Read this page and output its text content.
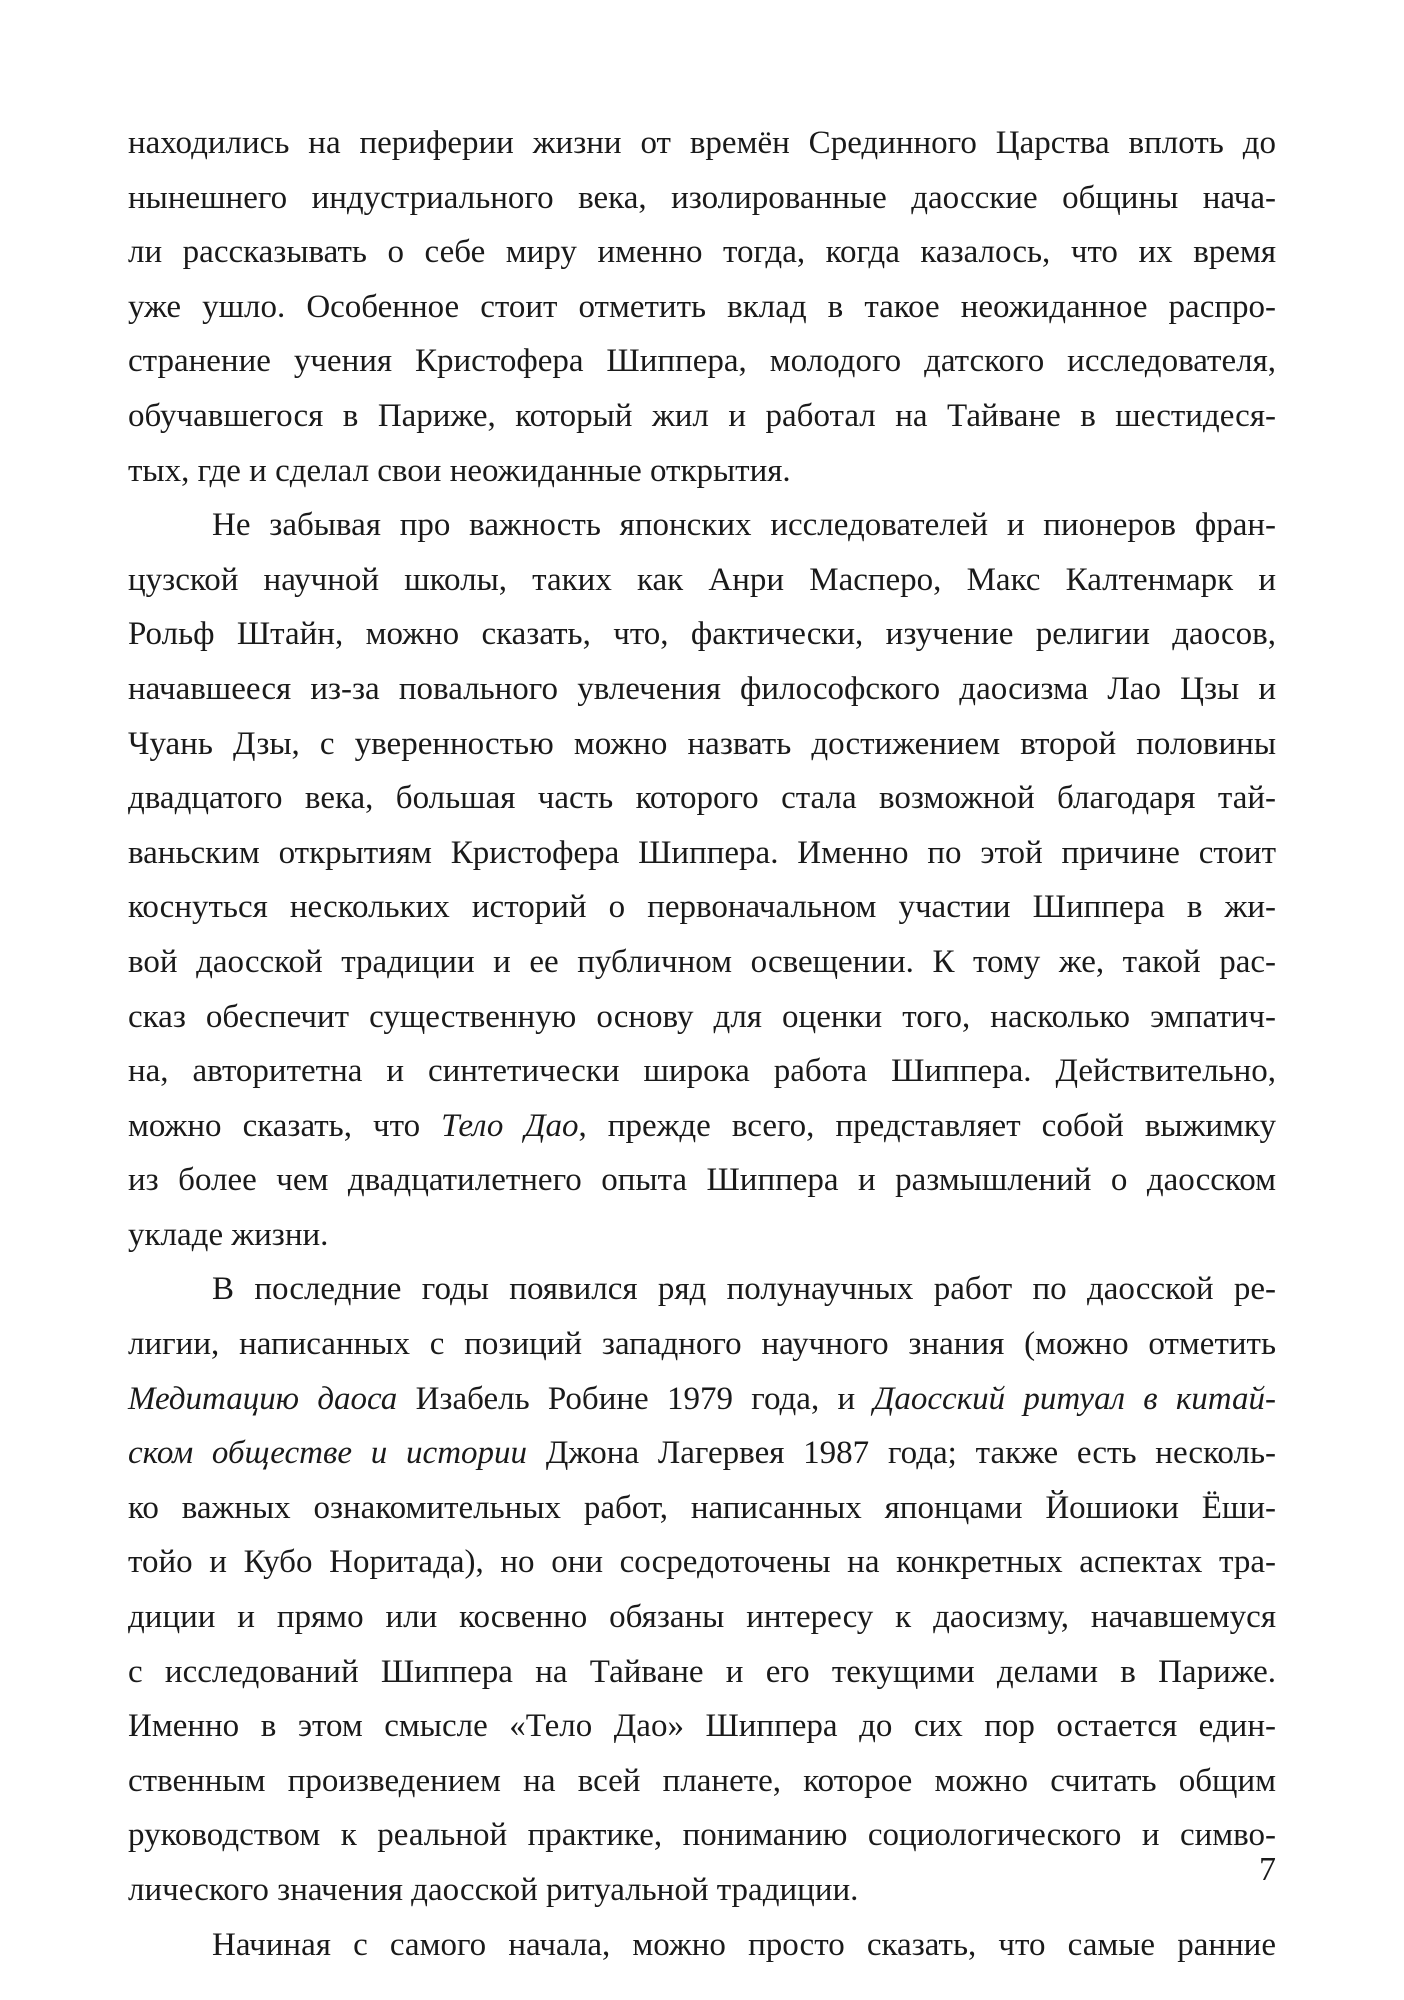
находились на периферии жизни от времён Срединного Царства вплоть до
нынешнего индустриального века, изолированные даосские общины нача-
ли рассказывать о себе миру именно тогда, когда казалось, что их время
уже ушло. Особенное стоит отметить вклад в такое неожиданное распро-
странение учения Кристофера Шиппера, молодого датского исследователя,
обучавшегося в Париже, который жил и работал на Тайване в шестидеся-
тых, где и сделал свои неожиданные открытия.
Не забывая про важность японских исследователей и пионеров фран-
цузской научной школы, таких как Анри Масперо, Макс Калтенмарк и
Рольф Штайн, можно сказать, что, фактически, изучение религии даосов,
начавшееся из-за повального увлечения философского даосизма Лао Цзы и
Чуань Дзы, с уверенностью можно назвать достижением второй половины
двадцатого века, большая часть которого стала возможной благодаря тай-
ваньским открытиям Кристофера Шиппера. Именно по этой причине стоит
коснуться нескольких историй о первоначальном участии Шиппера в жи-
вой даосской традиции и ее публичном освещении. К тому же, такой рас-
сказ обеспечит существенную основу для оценки того, насколько эмпатич-
на, авторитетна и синтетически широка работа Шиппера. Действительно,
можно сказать, что Тело Дао, прежде всего, представляет собой выжимку
из более чем двадцатилетнего опыта Шиппера и размышлений о даосском
укладе жизни.
В последние годы появился ряд полунаучных работ по даосской ре-
лигии, написанных с позиций западного научного знания (можно отметить
Медитацию даоса Изабель Робине 1979 года, и Даосский ритуал в китай-
ском обществе и истории Джона Лагервея 1987 года; также есть несколь-
ко важных ознакомительных работ, написанных японцами Йошиоки Ёши-
тойо и Кубо Норитада), но они сосредоточены на конкретных аспектах тра-
диции и прямо или косвенно обязаны интересу к даосизму, начавшемуся
с исследований Шиппера на Тайване и его текущими делами в Париже.
Именно в этом смысле «Тело Дао» Шиппера до сих пор остается един-
ственным произведением на всей планете, которое можно считать общим
руководством к реальной практике, пониманию социологического и симво-
лического значения даосской ритуальной традиции.
Начиная с самого начала, можно просто сказать, что самые ранние
7
